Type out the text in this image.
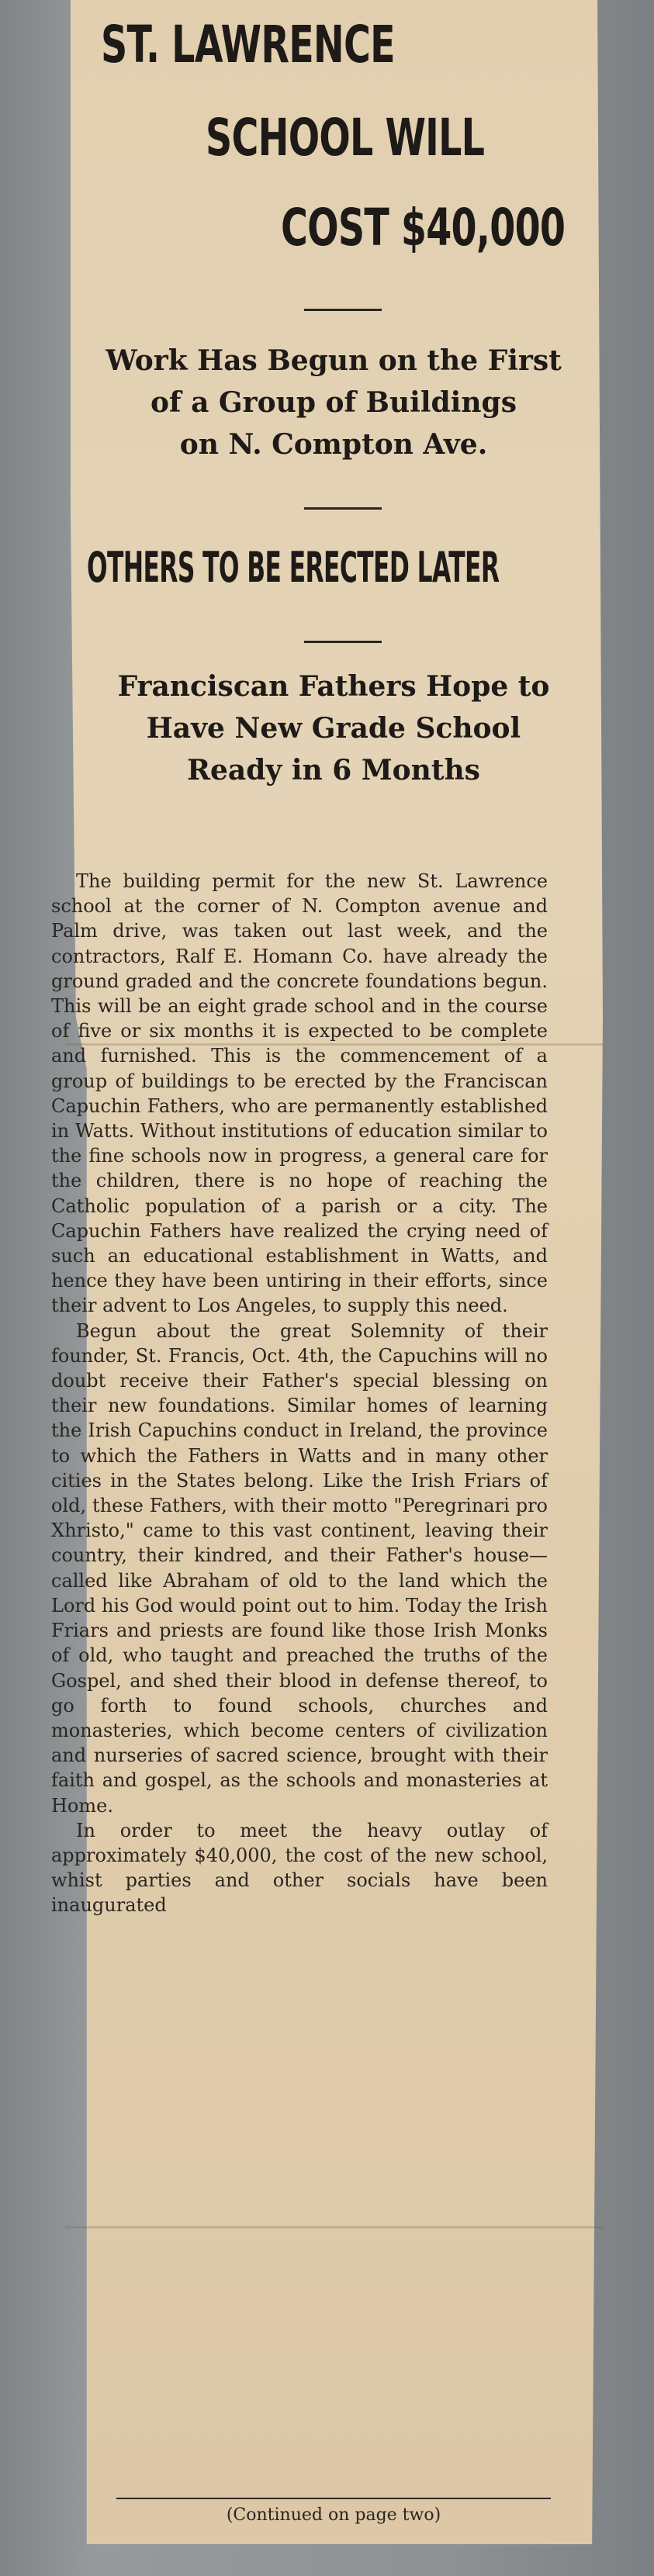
ST. LAWRENCE
SCHOOL WILL
COST $40,000
Work Has Begun on the First
of a Group of Buildings
on N. Compton Ave.
OTHERS TO BE ERECTED LATER
Franciscan Fathers Hope to
Have New Grade School
Ready in 6 Months

The building permit for the new St. Lawrence school at the corner of N. Compton avenue and Palm drive, was taken out last week, and the contractors, Ralf E. Homann Co. have already the ground graded and the concrete foundations begun. This will be an eight grade school and in the course of five or six months it is expected to be complete and furnished. This is the commencement of a group of buildings to be erected by the Franciscan Capuchin Fathers, who are permanently established in Watts. Without institutions of education similar to the fine schools now in progress, a general care for the children, there is no hope of reaching the Catholic population of a parish or a city. The Capuchin Fathers have realized the crying need of such an educational establishment in Watts, and hence they have been untiring in their efforts, since their advent to Los Angeles, to supply this need.

Begun about the great Solemnity of their founder, St. Francis, Oct. 4th, the Capuchins will no doubt receive their Father's special blessing on their new foundations. Similar homes of learning the Irish Capuchins conduct in Ireland, the province to which the Fathers in Watts and in many other cities in the States belong. Like the Irish Friars of old, these Fathers, with their motto "Peregrinari pro Xhristo," came to this vast continent, leaving their country, their kindred, and their Father's house—called like Abraham of old to the land which the Lord his God would point out to him. Today the Irish Friars and priests are found like those Irish Monks of old, who taught and preached the truths of the Gospel, and shed their blood in defense thereof, to go forth to found schools, churches and monasteries, which become centers of civilization and nurseries of sacred science, brought with their faith and gospel, as the schools and monasteries at Home.

In order to meet the heavy outlay of approximately $40,000, the cost of the new school, whist parties and other socials have been inaugurated

(Continued on page two)
